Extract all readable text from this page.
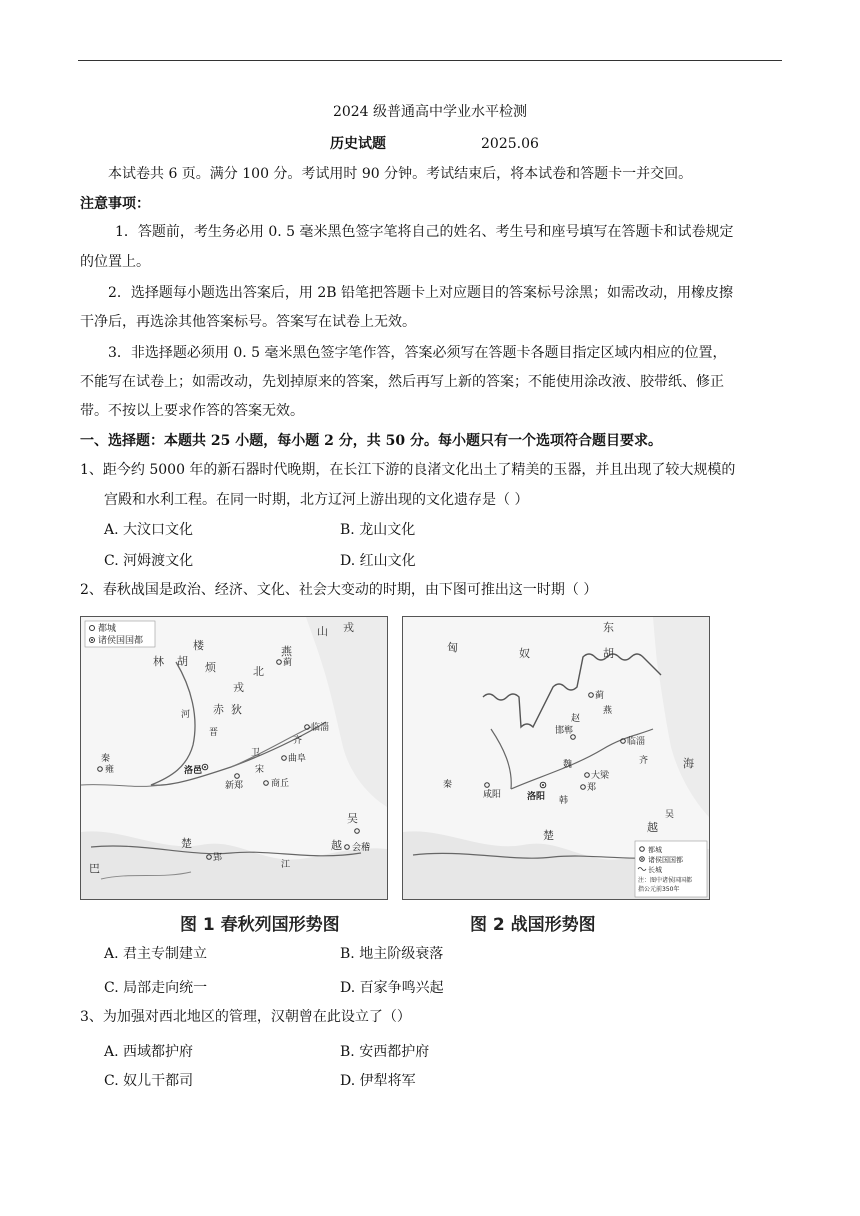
2024 级普通高中学业水平检测
历史试题	2025.06
本试卷共 6 页。满分 100 分。考试用时 90 分钟。考试结束后，将本试卷和答题卡一并交回。
注意事项：
1．答题前，考生务必用 0. 5 毫米黑色签字笔将自己的姓名、考生号和座号填写在答题卡和试卷规定
的位置上。
2．选择题每小题选出答案后，用 2B 铅笔把答题卡上对应题目的答案标号涂黑；如需改动，用橡皮擦
干净后，再选涂其他答案标号。答案写在试卷上无效。
3．非选择题必须用 0. 5 毫米黑色签字笔作答，答案必须写在答题卡各题目指定区域内相应的位置，
不能写在试卷上；如需改动，先划掉原来的答案，然后再写上新的答案；不能使用涂改液、胶带纸、修正
带。不按以上要求作答的答案无效。
一、选择题：本题共 25 小题，每小题 2 分，共 50 分。每小题只有一个选项符合题目要求。
1、距今约 5000 年的新石器时代晚期，在长江下游的良渚文化出土了精美的玉器，并且出现了较大规模的
宫殿和水利工程。在同一时期，北方辽河上游出现的文化遗存是（ ）
A. 大汶口文化	B. 龙山文化
C. 河姆渡文化	D. 红山文化
2、春秋战国是政治、经济、文化、社会大变动的时期，由下图可推出这一时期（ ）
都城
诸侯国国都
山 戎
楼	燕
蓟
林 胡 烦	北
戎
赤 狄
临淄
晋
齐
秦
雍	洛邑
卫
曲阜
新郑
宋
商丘
吴
越 会稽
楚
郢
巴
河
江
东
匈	奴	胡
蓟
燕
邯郸
赵
临淄
齐
大梁
魏
郑
咸阳
秦
洛阳 韩
楚
越
吴
海
都城
诸侯国国都
长城
注：图中诸侯国国都
指公元前350年
图 1 春秋列国形势图	图 2 战国形势图
A. 君主专制建立	B. 地主阶级衰落
C. 局部走向统一	D. 百家争鸣兴起
3、为加强对西北地区的管理，汉朝曾在此设立了（）
A. 西域都护府	B. 安西都护府
C. 奴儿干都司	D. 伊犁将军
